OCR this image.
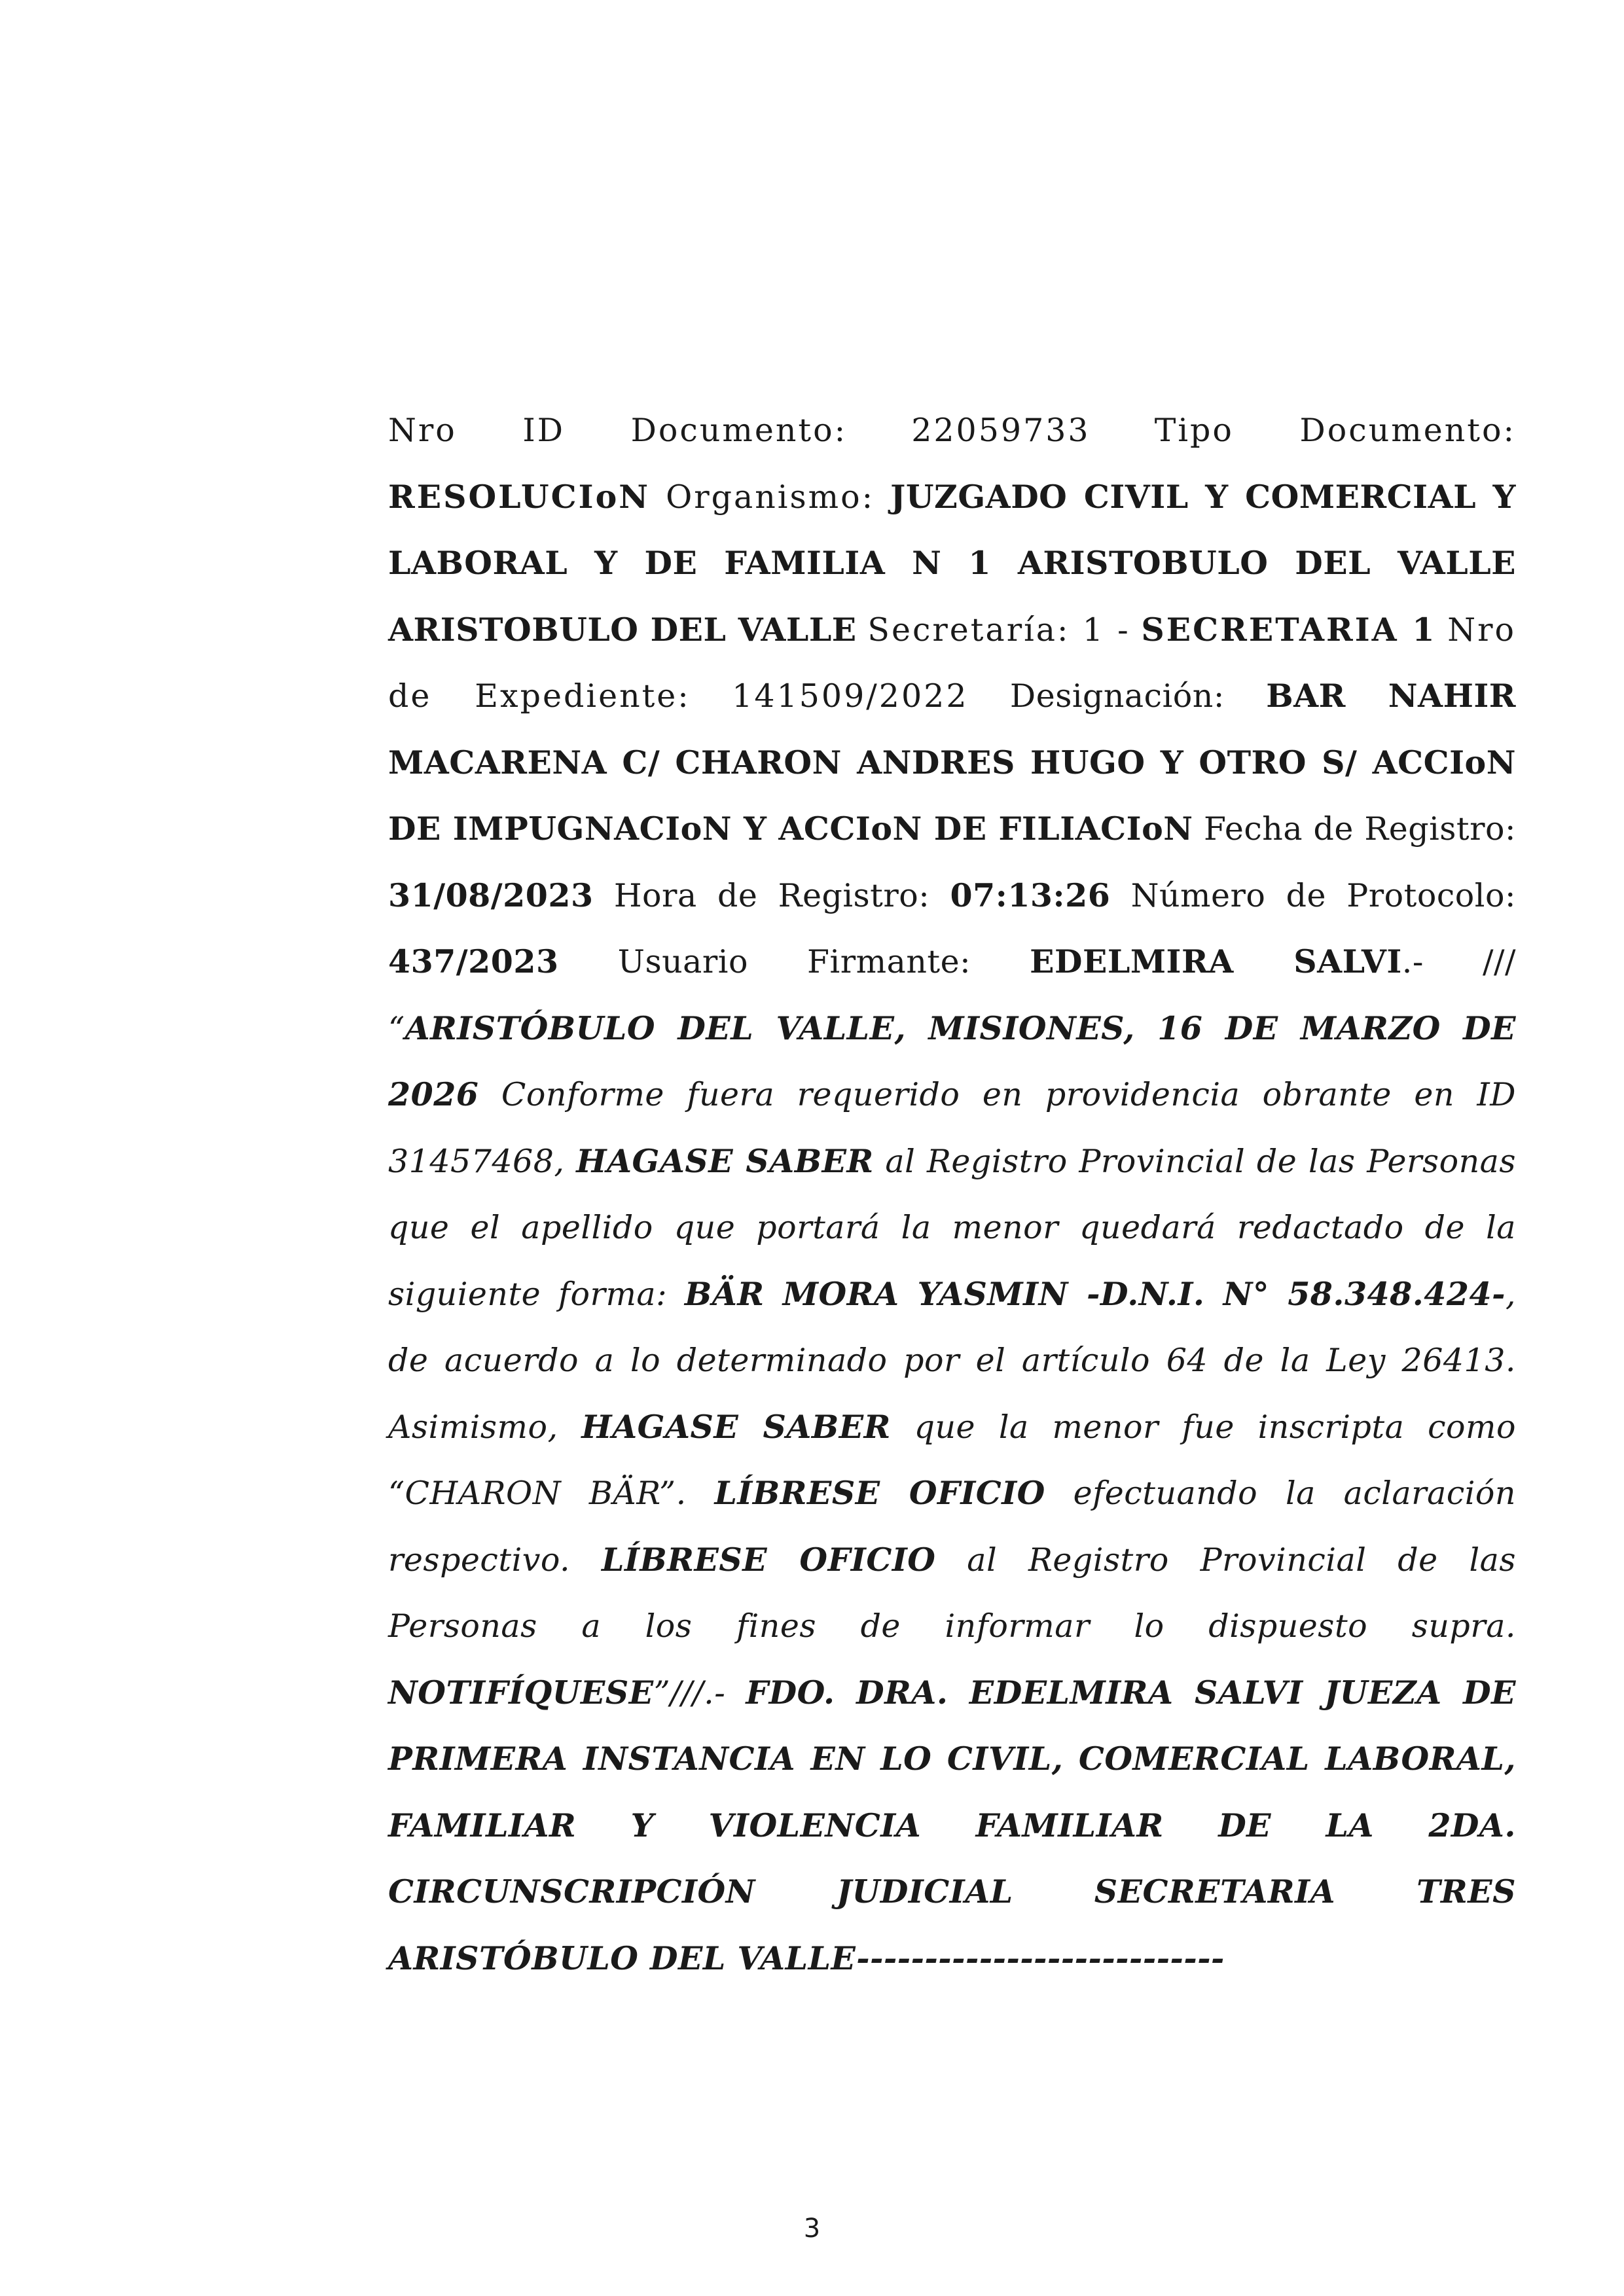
Nro ID Documento: 22059733 Tipo Documento: RESOLUCIoN Organismo: JUZGADO CIVIL Y COMERCIAL Y LABORAL Y DE FAMILIA N 1 ARISTOBULO DEL VALLE ARISTOBULO DEL VALLE Secretaría: 1 - SECRETARIA 1 Nro de Expediente: 141509/2022 Designación: BAR NAHIR MACARENA C/ CHARON ANDRES HUGO Y OTRO S/ ACCIoN DE IMPUGNACIoN Y ACCIoN DE FILIACIoN Fecha de Registro: 31/08/2023 Hora de Registro: 07:13:26 Número de Protocolo: 437/2023 Usuario Firmante: EDELMIRA SALVI.- /// “ARISTÓBULO DEL VALLE, MISIONES, 16 DE MARZO DE 2026 Conforme fuera requerido en providencia obrante en ID 31457468, HAGASE SABER al Registro Provincial de las Personas que el apellido que portará la menor quedará redactado de la siguiente forma: BÄR MORA YASMIN -D.N.I. N° 58.348.424-, de acuerdo a lo determinado por el artículo 64 de la Ley 26413. Asimismo, HAGASE SABER que la menor fue inscripta como “CHARON BÄR”. LÍBRESE OFICIO efectuando la aclaración respectivo. LÍBRESE OFICIO al Registro Provincial de las Personas a los fines de informar lo dispuesto supra. NOTIFÍQUESE”///.- FDO. DRA. EDELMIRA SALVI JUEZA DE PRIMERA INSTANCIA EN LO CIVIL, COMERCIAL LABORAL, FAMILIAR Y VIOLENCIA FAMILIAR DE LA 2DA. CIRCUNSCRIPCIÓN JUDICIAL SECRETARIA TRES ARISTÓBULO DEL VALLE---------------------------

3
